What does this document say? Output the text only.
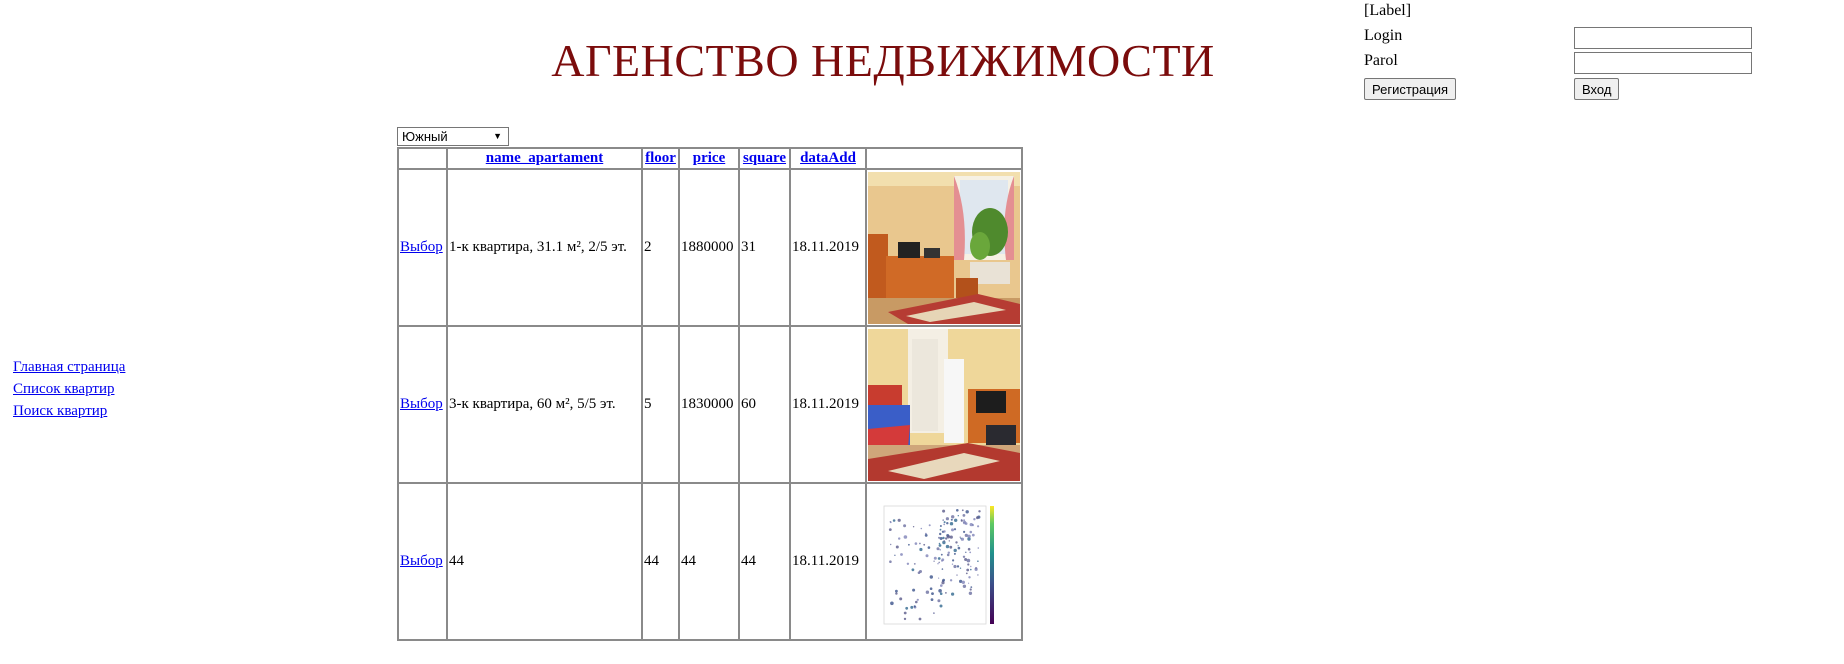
АГЕНСТВО НЕДВИЖИМОСТИ
[Label]
Login
Parol
Регистрация	Вход
Главная страница
Список квартир
Поиск квартир
Южный	▼
	name_apartament	floor	price	square	dataAdd	
Выбор	1-к квартира, 31.1 м², 2/5 эт.	2	1880000	31	18.11.2019	

Выбор	3-к квартира, 60 м², 5/5 эт.	5	1830000	60	18.11.2019	

Выбор	44	44	44	44	18.11.2019	
